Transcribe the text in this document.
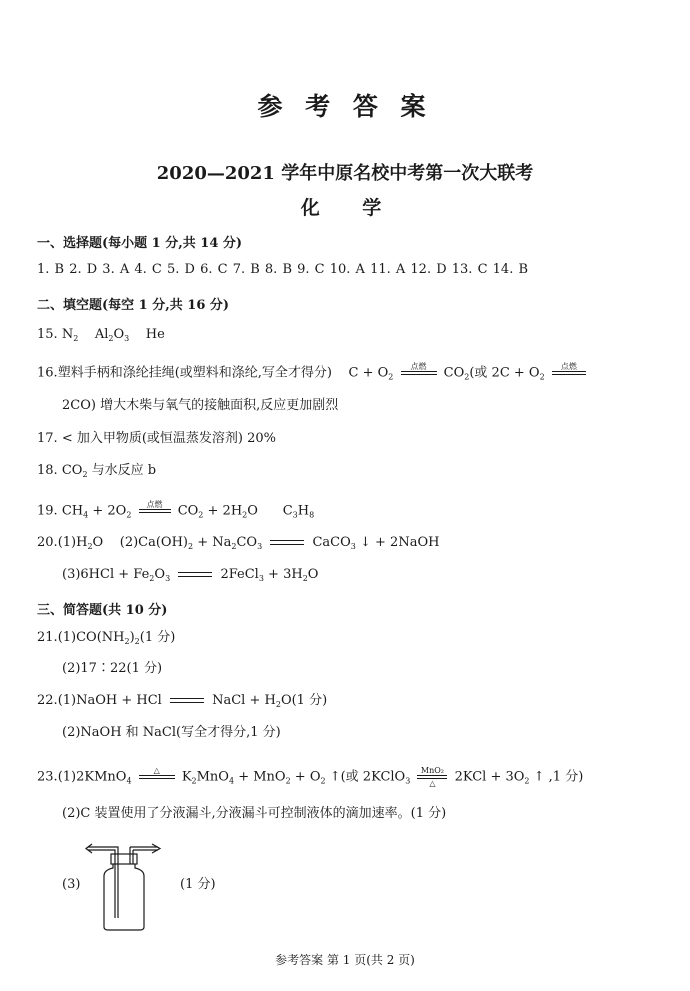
参 考 答 案
2020—2021 学年中原名校中考第一次大联考
化 学
一、选择题(每小题 1 分,共 14 分)
1. B 2. D 3. A 4. C 5. D 6. C 7. B 8. B 9. C 10. A 11. A 12. D 13. C 14. B
二、填空题(每空 1 分,共 16 分)
15. $N_2$ $Al_2O_3$ He
16.塑料手柄和涤纶挂绳(或塑料和涤纶,写全才得分) $C + O_2$
点燃
	$CO_2$(或 $2C + O_2$
点燃

2CO) 增大木柴与氧气的接触面积,反应更加剧烈
17. < 加入甲物质(或恒温蒸发溶剂) 20%
18. $CO_2$ 与水反应 b
19. $CH_4 + 2O_2$
点燃
	$CO_2 + 2H_2O$ $C_3H_8$
$20.(1)H_2O$ $(2)Ca(OH)_2 + Na_2CO_3$	CaCO$_3$ ↓ + 2NaOH
$(3)6HCl + Fe_2O_3$	2FeCl$_3$ + $3H_2O$
三、简答题(共 10 分)
$21.(1)CO(NH_2)_2(1$ 分)
(2)17∶22(1 分)
22.(1)NaOH + HCl	NaCl + $H_2O(1$ 分)
(2)NaOH 和 NaCl(写全才得分,1 分)
23.(1)2KMnO$_4$
△
	$K_2MnO_4 + MnO_2 + O_2$ ↑(或 2KClO$_3$
MnO₂
△	$2KCl + 3O_2$ ↑ ,1 分)
(2)C 装置使用了分液漏斗,分液漏斗可控制液体的滴加速率。(1 分)
(3)	(1 分)
参考答案 第 1 页(共 2 页)
